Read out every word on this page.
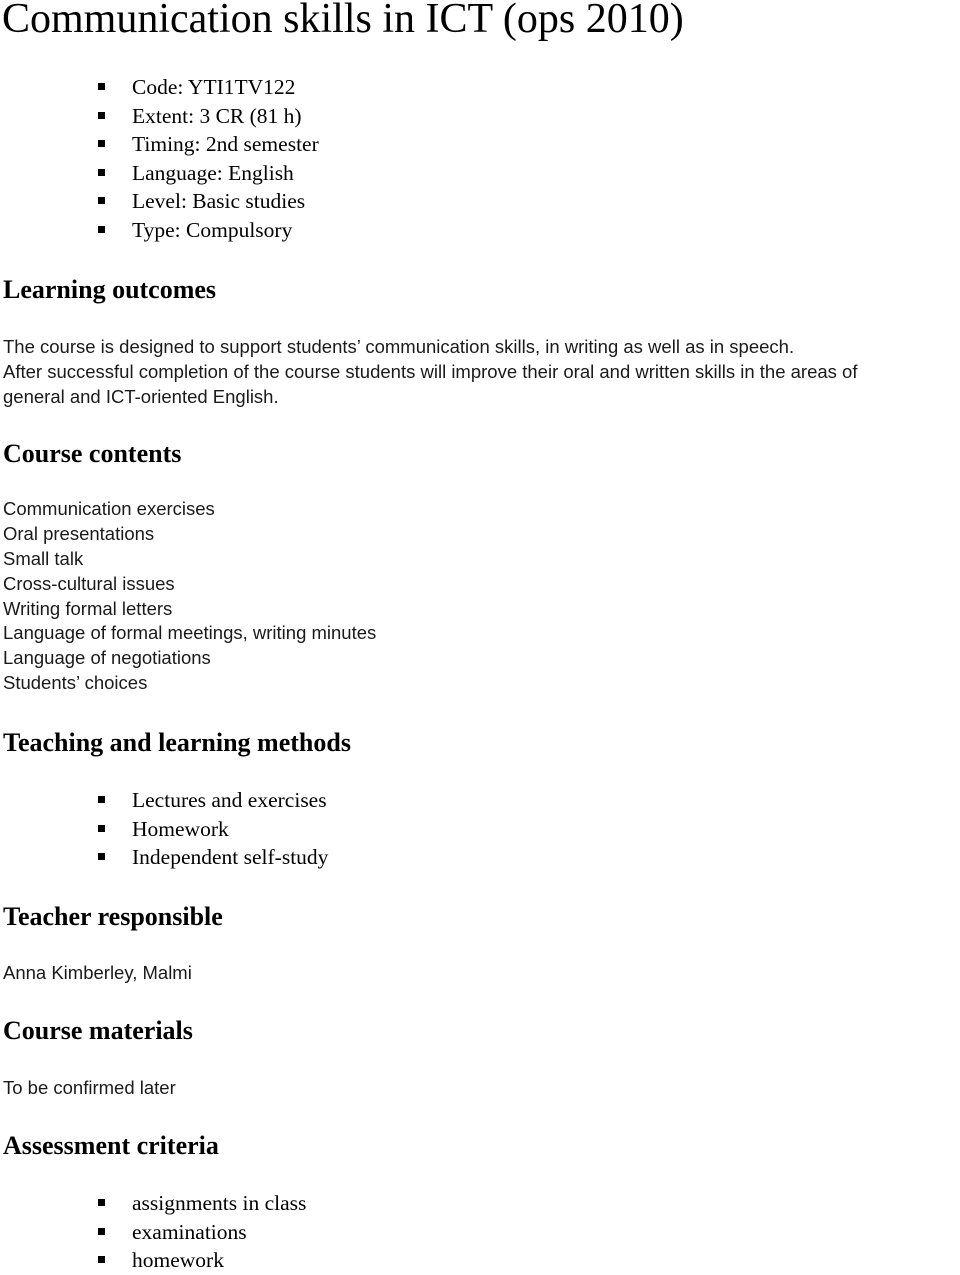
Communication skills in ICT (ops 2010)
Code: YTI1TV122
Extent: 3 CR (81 h)
Timing: 2nd semester
Language: English
Level: Basic studies
Type: Compulsory
Learning outcomes
The course is designed to support students’ communication skills, in writing as well as in speech.
After successful completion of the course students will improve their oral and written skills in the areas of
general and ICT-oriented English.
Course contents
Communication exercises
Oral presentations
Small talk
Cross-cultural issues
Writing formal letters
Language of formal meetings, writing minutes
Language of negotiations
Students’ choices
Teaching and learning methods
Lectures and exercises
Homework
Independent self-study
Teacher responsible
Anna Kimberley, Malmi
Course materials
To be confirmed later
Assessment criteria
assignments in class
examinations
homework
